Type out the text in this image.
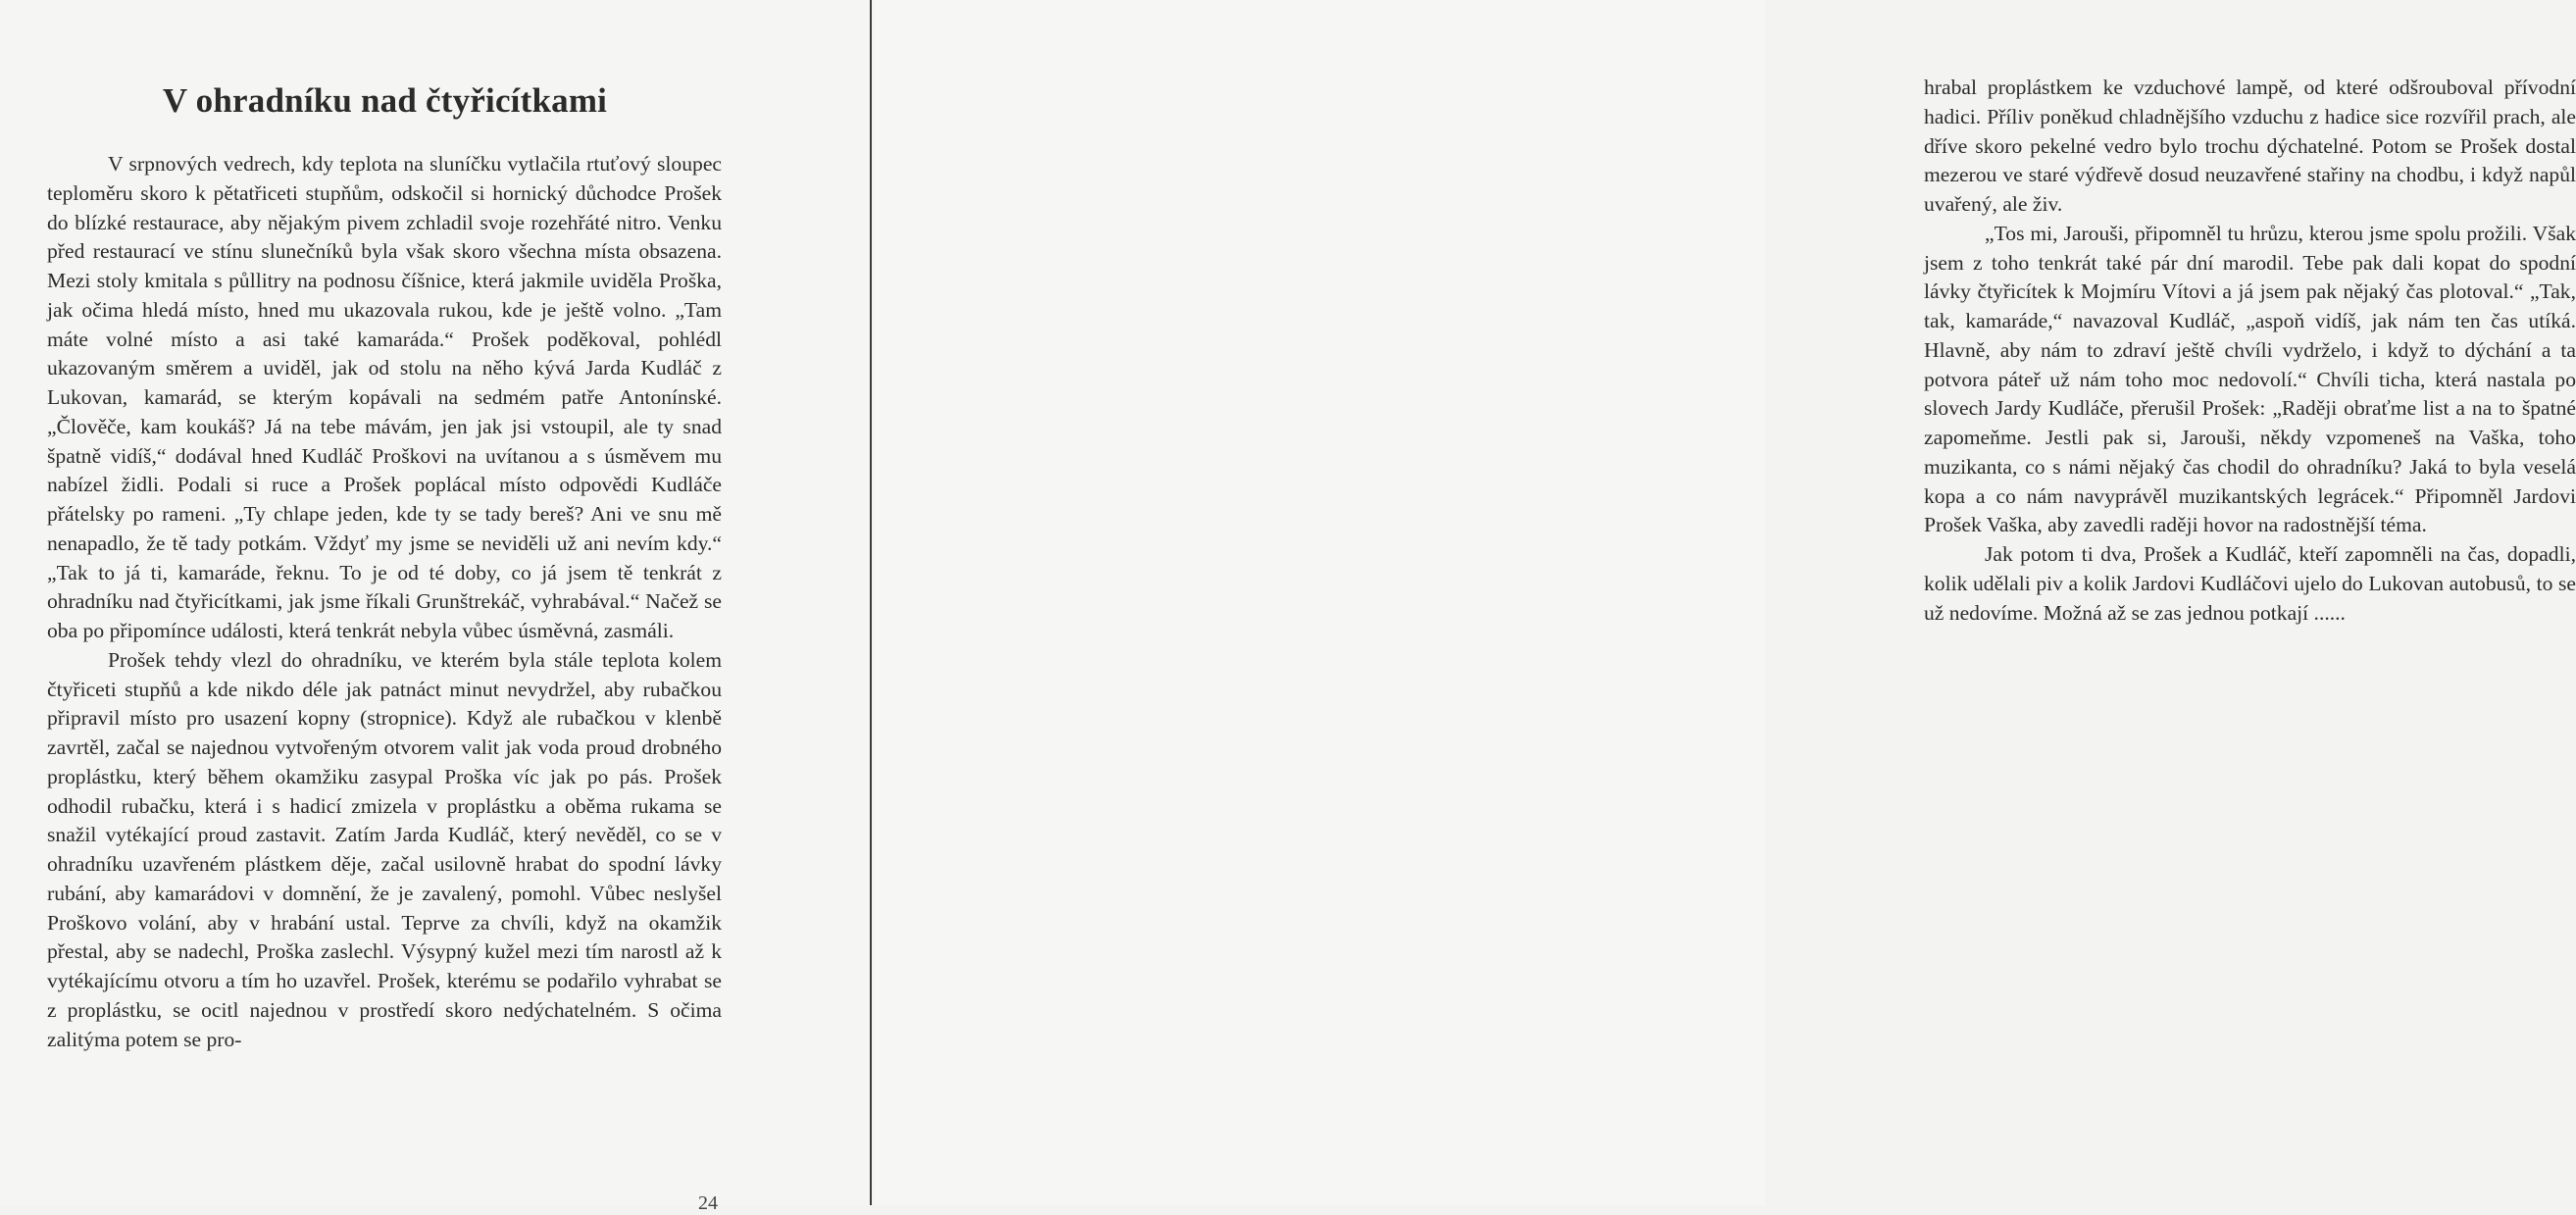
V ohradníku nad čtyřicítkami

V srpnových vedrech, kdy teplota na sluníčku vytlačila rtuťový sloupec teploměru skoro k pětatřiceti stupňům, odskočil si hornický důchodce Prošek do blízké restaurace, aby nějakým pivem zchladil svoje rozehřáté nitro. Venku před restaurací ve stínu slunečníků byla však skoro všechna místa obsazena. Mezi stoly kmitala s půllitry na podnosu číšnice, která jakmile uviděla Proška, jak očima hledá místo, hned mu ukazovala rukou, kde je ještě volno. „Tam máte volné místo a asi také kamaráda.“ Prošek poděkoval, pohlédl ukazovaným směrem a uviděl, jak od stolu na něho kývá Jarda Kudláč z Lukovan, kamarád, se kterým kopávali na sedmém patře Antonínské. „Člověče, kam koukáš? Já na tebe mávám, jen jak jsi vstoupil, ale ty snad špatně vidíš,“ dodával hned Kudláč Proškovi na uvítanou a s úsměvem mu nabízel židli. Podali si ruce a Prošek poplácal místo odpovědi Kudláče přátelsky po rameni. „Ty chlape jeden, kde ty se tady bereš? Ani ve snu mě nenapadlo, že tě tady potkám. Vždyť my jsme se neviděli už ani nevím kdy.“ „Tak to já ti, kamaráde, řeknu. To je od té doby, co já jsem tě tenkrát z ohradníku nad čtyřicítkami, jak jsme říkali Grunštrekáč, vyhrabával.“ Načež se oba po připomínce události, která tenkrát nebyla vůbec úsměvná, zasmáli.

Prošek tehdy vlezl do ohradníku, ve kterém byla stále teplota kolem čtyřiceti stupňů a kde nikdo déle jak patnáct minut nevydržel, aby rubačkou připravil místo pro usazení kopny (stropnice). Když ale rubačkou v klenbě zavrtěl, začal se najednou vytvořeným otvorem valit jak voda proud drobného proplástku, který během okamžiku zasypal Proška víc jak po pás. Prošek odhodil rubačku, která i s hadicí zmizela v proplástku a oběma rukama se snažil vytékající proud zastavit. Zatím Jarda Kudláč, který nevěděl, co se v ohradníku uzavřeném plástkem děje, začal usilovně hrabat do spodní lávky rubání, aby kamarádovi v domnění, že je zavalený, pomohl. Vůbec neslyšel Proškovo volání, aby v hrabání ustal. Teprve za chvíli, když na okamžik přestal, aby se nadechl, Proška zaslechl. Výsypný kužel mezi tím narostl až k vytékajícímu otvoru a tím ho uzavřel. Prošek, kterému se podařilo vyhrabat se z proplástku, se ocitl najednou v prostředí skoro nedýchatelném. S očima zalitýma potem se pro-

24

hrabal proplástkem ke vzduchové lampě, od které odšrouboval přívodní hadici. Příliv poněkud chladnějšího vzduchu z hadice sice rozvířil prach, ale dříve skoro pekelné vedro bylo trochu dýchatelné. Potom se Prošek dostal mezerou ve staré výdřevě dosud neuzavřené stařiny na chodbu, i když napůl uvařený, ale živ.

„Tos mi, Jarouši, připomněl tu hrůzu, kterou jsme spolu prožili. Však jsem z toho tenkrát také pár dní marodil. Tebe pak dali kopat do spodní lávky čtyřicítek k Mojmíru Vítovi a já jsem pak nějaký čas plotoval.“ „Tak, tak, kamaráde,“ navazoval Kudláč, „aspoň vidíš, jak nám ten čas utíká. Hlavně, aby nám to zdraví ještě chvíli vydrželo, i když to dýchání a ta potvora páteř už nám toho moc nedovolí.“ Chvíli ticha, která nastala po slovech Jardy Kudláče, přerušil Prošek: „Raději obraťme list a na to špatné zapomeňme. Jestli pak si, Jarouši, někdy vzpomeneš na Vaška, toho muzikanta, co s námi nějaký čas chodil do ohradníku? Jaká to byla veselá kopa a co nám navyprávěl muzikantských legrácek.“ Připomněl Jardovi Prošek Vaška, aby zavedli raději hovor na radostnější téma.

Jak potom ti dva, Prošek a Kudláč, kteří zapomněli na čas, dopadli, kolik udělali piv a kolik Jardovi Kudláčovi ujelo do Lukovan autobusů, to se už nedovíme. Možná až se zas jednou potkají ......
